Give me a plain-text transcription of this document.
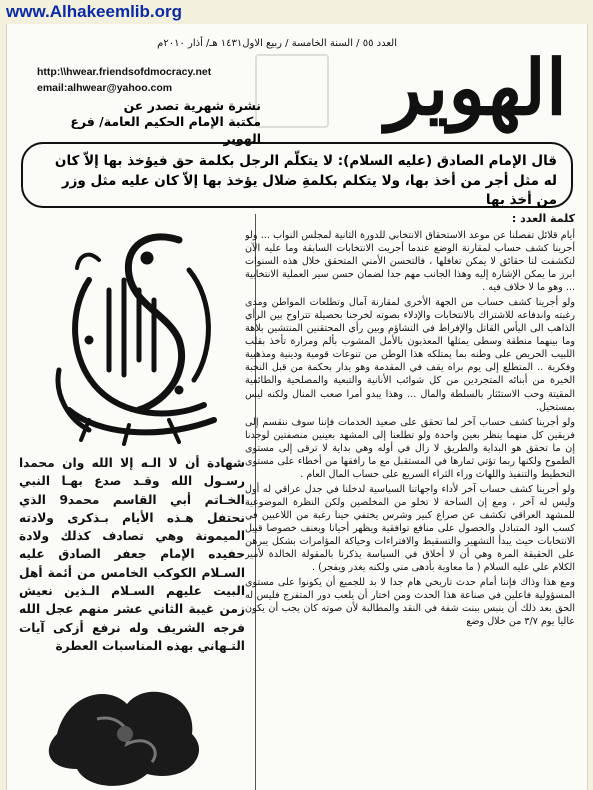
www.Alhakeemlib.org
العدد ٥٥ / السنة الخامسة / ربيع الاول١٤٣١ هـ/ أذار ٢٠١٠م
الهوير
http:\\hwear.friendsofdmocracy.net
email:alhwear@yahoo.com
نشرة شهرية تصدر عن
مكتبة الإمام الحكيم العامة/ فرع الهوير
قال الإمام الصادق (عليه السلام): لا يتكلّم الرجل بكلمة حق فيؤخذ بها إلاّ كان له مثل أجر من أخذ بها، ولا يتكلم بكلمةِ ضلال يؤخذ بها إلاّ كان عليه مثل وزر من أخذ بها
كلمة العدد :

أيام قلائل تفصلنا عن موعد الاستحقاق الانتخابي للدورة الثانية لمجلس النواب ... ولو أجرينا كشف حساب لمقارنة الوضع عندما أجريت الانتخابات السابقة وما عليه الآن لتكشفت لنا حقائق لا يمكن تغافلها ، فالتحسن الأمني المتحقق خلال هذه السنوات ابرز ما يمكن الإشارة إليه وهذا الجانب مهم جدا لضمان حسن سير العملية الانتخابية ... وهو ما لا خلاف فيه .

ولو أجرينا كشف حساب من الجهة الأخرى لمقارنة آمال وتطلعات المواطن ومدى رغبته واندفاعه للاشتراك بالانتخابات والإدلاء بصوته لخرجنا بحصيلة تتراوح بين الرأي الذاهب الى اليأس القاتل والإفراط في التشاؤم وبين رأي المحتقنين المنتشين بلاهة وما بينهما منطقة وسطى يمثلها المعذبون بالأمل المشوب بألم ومرارة تأخذ بقلب اللبيب الحريص على وطنه بما يمتلكه هذا الوطن من تنوعات قومية ودينية ومذهبية وفكرية .. المتطلع إلى يوم براه يقف في المقدمة وهو يدار بحكمة من قبل النخبة الخيرة من أبنائه المتجردين من كل شوائب الأنانية والتبعية والمصلحية والطائفية المقيتة وحب الاستئثار بالسلطة والمال ... وهذا يبدو أمرا صعب المنال ولكنه ليس بمستحيل.

ولو أجرينا كشف حساب آخر لما تحقق على صعيد الخدمات فإننا سوف ننقسم إلى فريقين كل منهما ينظر بعين واحدة ولو تطلعنا إلى المشهد بعينين منصفتين لوجدنا إن ما تحقق هو البداية والطريق لا زال في أوله وهي بداية لا ترقى إلى مستوى الطموح ولكنها ربما تؤتي ثمارها في المستقبل مع ما رافقها من أخطاء على مستوى التخطيط والتنفيذ واللهاث وراء الثراء السريع على حساب المال العام .

ولو أجرينا كشف حساب آخر لأداء واجهاتنا السياسية لدخلنا في جدل عراقي له أول وليس له آخر ، ومع إن الساحة لا تخلو من المخلصين ولكن النظرة الموضوعية للمشهد العراقي تكشف عن صراع كبير وشرس يختفي حينا رغبة من اللاعبين في كسب الود المتبادل والحصول على منافع توافقية ويظهر أحيانا وبعنف خصوصا قبيل الانتخابات حيث يبدأ التشهير والتسقيط والافتراءات وحياكة المؤامرات بشكل يبرهن على الحقيقة المرة وهي أن لا أخلاق في السياسة يذكرنا بالمقولة الخالدة لأمير الكلام علي عليه السلام ( ما معاوية بأدهى مني ولكنه يغدر ويفجر) .

ومع هذا وذاك فإننا أمام حدث تاريخي هام جدا لا بد للجميع أن يكونوا على مستوى المسؤولية فاعلين في صناعة هذا الحدث ومن اختار أن يلعب دور المتفرج فليس له الحق بعد ذلك أن ينبس ببنت شفة في النقد والمطالبة لأن صوته كان يجب أن يكون عاليا يوم ٣/٧ من خلال وضع

شهادة أن لا الـه إلا الله وان محمدا رسـول الله وقـد صدع بهـا النبي الخـاتم أبي القاسم محمد9 الذي نحتفل هـذه الأيام بـذكرى ولادته الميمونة وهي تصادف كذلك ولادة حفيده الإمام جعفر الصادق عليه السـلام الكوكب الخامس من أئمة أهل البيت عليهم السـلام الـذين نعيش زمن غيبة الثاني عشر منهم عجل الله فرجه الشريف وله نرفع أزكى آيات التـهاني بهذه المناسبات العطرة
